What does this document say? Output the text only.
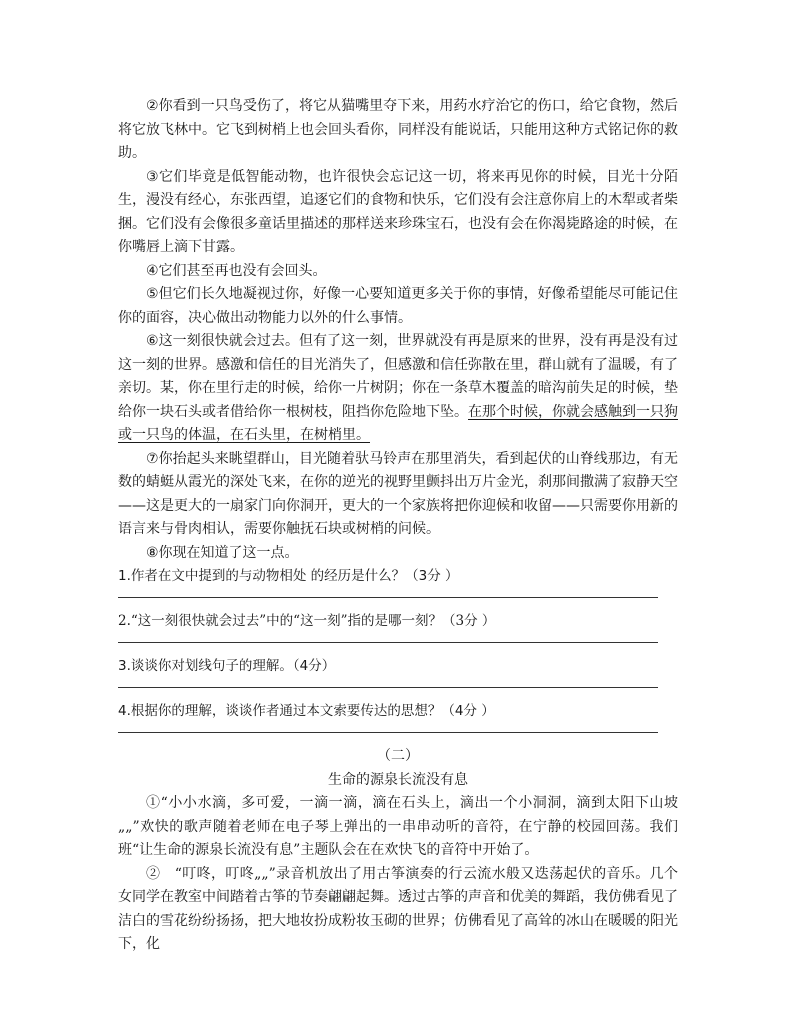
②你看到一只鸟受伤了，将它从猫嘴里夺下来，用药水疗治它的伤口，给它食物，然后将它放飞林中。它飞到树梢上也会回头看你，同样没有能说话，只能用这种方式铭记你的救助。

③它们毕竟是低智能动物，也许很快会忘记这一切，将来再见你的时候，目光十分陌生，漫没有经心，东张西望，追逐它们的食物和快乐，它们没有会注意你肩上的木犁或者柴捆。它们没有会像很多童话里描述的那样送来珍珠宝石，也没有会在你渴毙路途的时候，在你嘴唇上滴下甘露。

④它们甚至再也没有会回头。

⑤但它们长久地凝视过你，好像一心要知道更多关于你的事情，好像希望能尽可能记住你的面容，决心做出动物能力以外的什么事情。

⑥这一刻很快就会过去。但有了这一刻，世界就没有再是原来的世界，没有再是没有过这一刻的世界。感激和信任的目光消失了，但感激和信任弥散在里，群山就有了温暖，有了亲切。某，你在里行走的时候，给你一片树阴；你在一条草木覆盖的暗沟前失足的时候，垫给你一块石头或者借给你一根树枝，阻挡你危险地下坠。在那个时候，你就会感触到一只狗或一只鸟的体温，在石头里，在树梢里。

⑦你抬起头来眺望群山，目光随着驮马铃声在那里消失，看到起伏的山脊线那边，有无数的蜻蜓从霞光的深处飞来，在你的逆光的视野里颤抖出万片金光，刹那间撒满了寂静天空——这是更大的一扇家门向你洞开，更大的一个家族将把你迎候和收留——只需要你用新的语言来与骨肉相认，需要你触抚石块或树梢的问候。

⑧你现在知道了这一点。

1.作者在文中提到的与动物相处 的经历是什么？（3分 ）

2.“这一刻很快就会过去”中的“这一刻”指的是哪一刻？（3分 ）

3.谈谈你对划线句子的理解。（4分）

4.根据你的理解，谈谈作者通过本文索要传达的思想？（4分 ）

（二）

生命的源泉长流没有息

①“小小水滴，多可爱，一滴一滴，滴在石头上，滴出一个小洞洞，滴到太阳下山坡„„”欢快的歌声随着老师在电子琴上弹出的一串串动听的音符，在宁静的校园回荡。我们班“让生命的源泉长流没有息”主题队会在在欢快飞的音符中开始了。

②　“叮咚，叮咚„„”录音机放出了用古筝演奏的行云流水般又迭荡起伏的音乐。几个女同学在教室中间踏着古筝的节奏翩翩起舞。透过古筝的声音和优美的舞蹈，我仿佛看见了洁白的雪花纷纷扬扬，把大地妆扮成粉妆玉砌的世界；仿佛看见了高耸的冰山在暖暖的阳光下，化
